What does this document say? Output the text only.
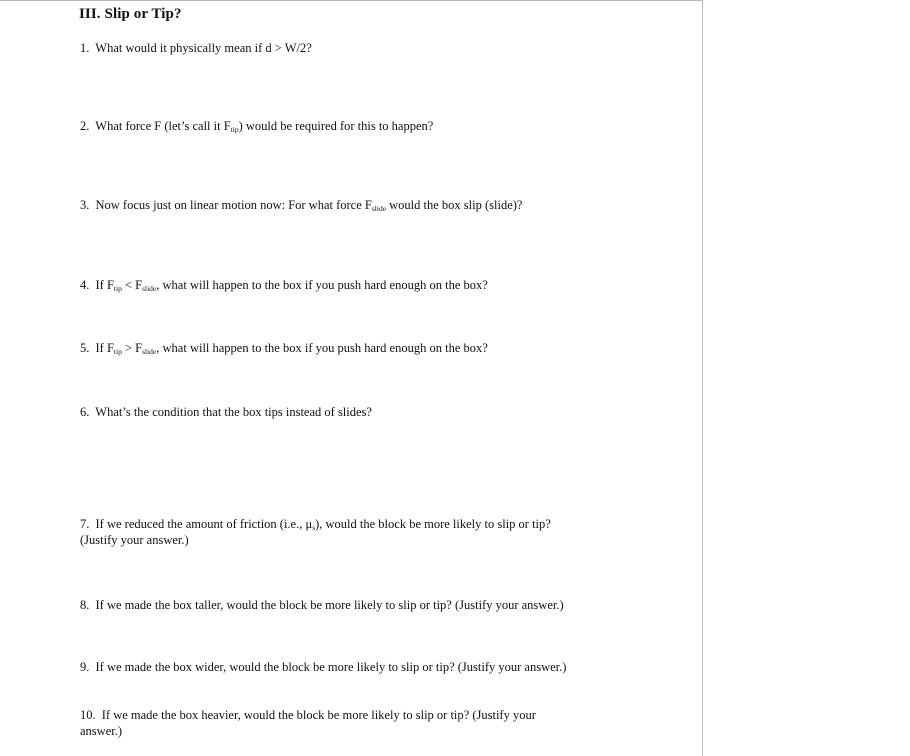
III. Slip or Tip?
1. What would it physically mean if d > W/2?
2. What force F (let’s call it $F_{tip}$) would be required for this to happen?
3. Now focus just on linear motion now: For what force $F_{slide}$ would the box slip (slide)?
4. If $F_{tip} < F_{slide}$, what will happen to the box if you push hard enough on the box?
5. If $F_{tip} > F_{slide}$, what will happen to the box if you push hard enough on the box?
6. What’s the condition that the box tips instead of slides?
7. If we reduced the amount of friction (i.e., $\mu_s$), would the block be more likely to slip or tip?
(Justify your answer.)
8. If we made the box taller, would the block be more likely to slip or tip? (Justify your answer.)
9. If we made the box wider, would the block be more likely to slip or tip? (Justify your answer.)
10. If we made the box heavier, would the block be more likely to slip or tip? (Justify your
answer.)
